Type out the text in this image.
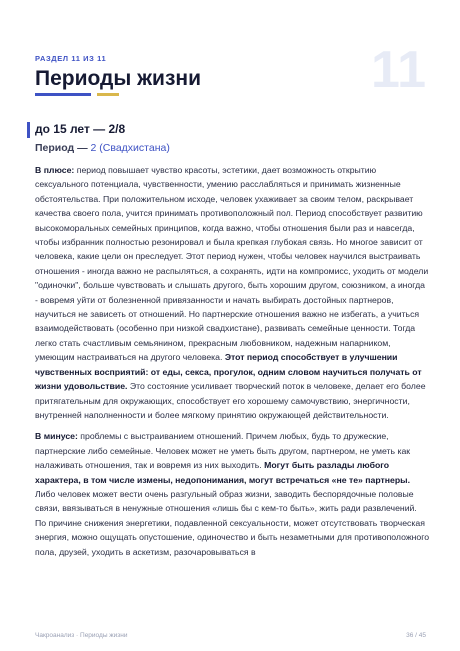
РАЗДЕЛ 11 ИЗ 11	11
Периоды жизни
до 15 лет — 2/8
Период — 2 (Свадхистана)

В плюсе: период повышает чувство красоты, эстетики, дает возможность открытию сексуального потенциала, чувственности, умению расслабляться и принимать жизненные обстоятельства. При положительном исходе, человек ухаживает за своим телом, раскрывает качества своего пола, учится принимать противоположный пол. Период способствует развитию высокоморальных семейных принципов, когда важно, чтобы отношения были раз и навсегда, чтобы избранник полностью резонировал и была крепкая глубокая связь. Но многое зависит от человека, какие цели он преследует. Этот период нужен, чтобы человек научился выстраивать отношения - иногда важно не распыляться, а сохранять, идти на компромисс, уходить от модели "одиночки", больше чувствовать и слышать другого, быть хорошим другом, союзником, а иногда - вовремя уйти от болезненной привязанности и начать выбирать достойных партнеров, научиться не зависеть от отношений. Но партнерские отношения важно не избегать, а учиться взаимодействовать (особенно при низкой свадхистане), развивать семейные ценности. Тогда легко стать счастливым семьянином, прекрасным любовником, надежным напарником, умеющим настраиваться на другого человека. Этот период способствует в улучшении чувственных восприятий: от еды, секса, прогулок, одним словом научиться получать от жизни удовольствие. Это состояние усиливает творческий поток в человеке, делает его более притягательным для окружающих, способствует его хорошему самочувствию, энергичности, внутренней наполненности и более мягкому принятию окружающей действительности.

В минусе: проблемы с выстраиванием отношений. Причем любых, будь то дружеские, партнерские либо семейные. Человек может не уметь быть другом, партнером, не уметь как налаживать отношения, так и вовремя из них выходить. Могут быть разлады любого характера, в том числе измены, недопонимания, могут встречаться «не те» партнеры. Либо человек может вести очень разгульный образ жизни, заводить беспорядочные половые связи, ввязываться в ненужные отношения «лишь бы с кем-то быть», жить ради развлечений. По причине снижения энергетики, подавленной сексуальности, может отсутствовать творческая энергия, можно ощущать опустошение, одиночество и быть незаметными для противоположного пола, друзей, уходить в аскетизм, разочаровываться в

Чакроанализ · Периоды жизни	36 / 45
